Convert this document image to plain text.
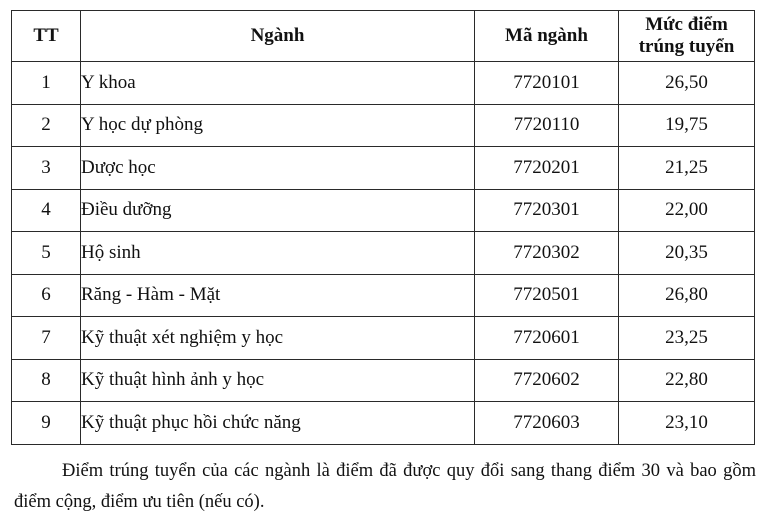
TT	Ngành	Mã ngành	Mức điểm
trúng tuyển
1	Y khoa	7720101	26,50
2	Y học dự phòng	7720110	19,75
3	Dược học	7720201	21,25
4	Điều dưỡng	7720301	22,00
5	Hộ sinh	7720302	20,35
6	Răng - Hàm - Mặt	7720501	26,80
7	Kỹ thuật xét nghiệm y học	7720601	23,25
8	Kỹ thuật hình ảnh y học	7720602	22,80
9	Kỹ thuật phục hồi chức năng	7720603	23,10

Điểm trúng tuyển của các ngành là điểm đã được quy đổi sang thang điểm 30 và bao gồm điểm cộng, điểm ưu tiên (nếu có).
